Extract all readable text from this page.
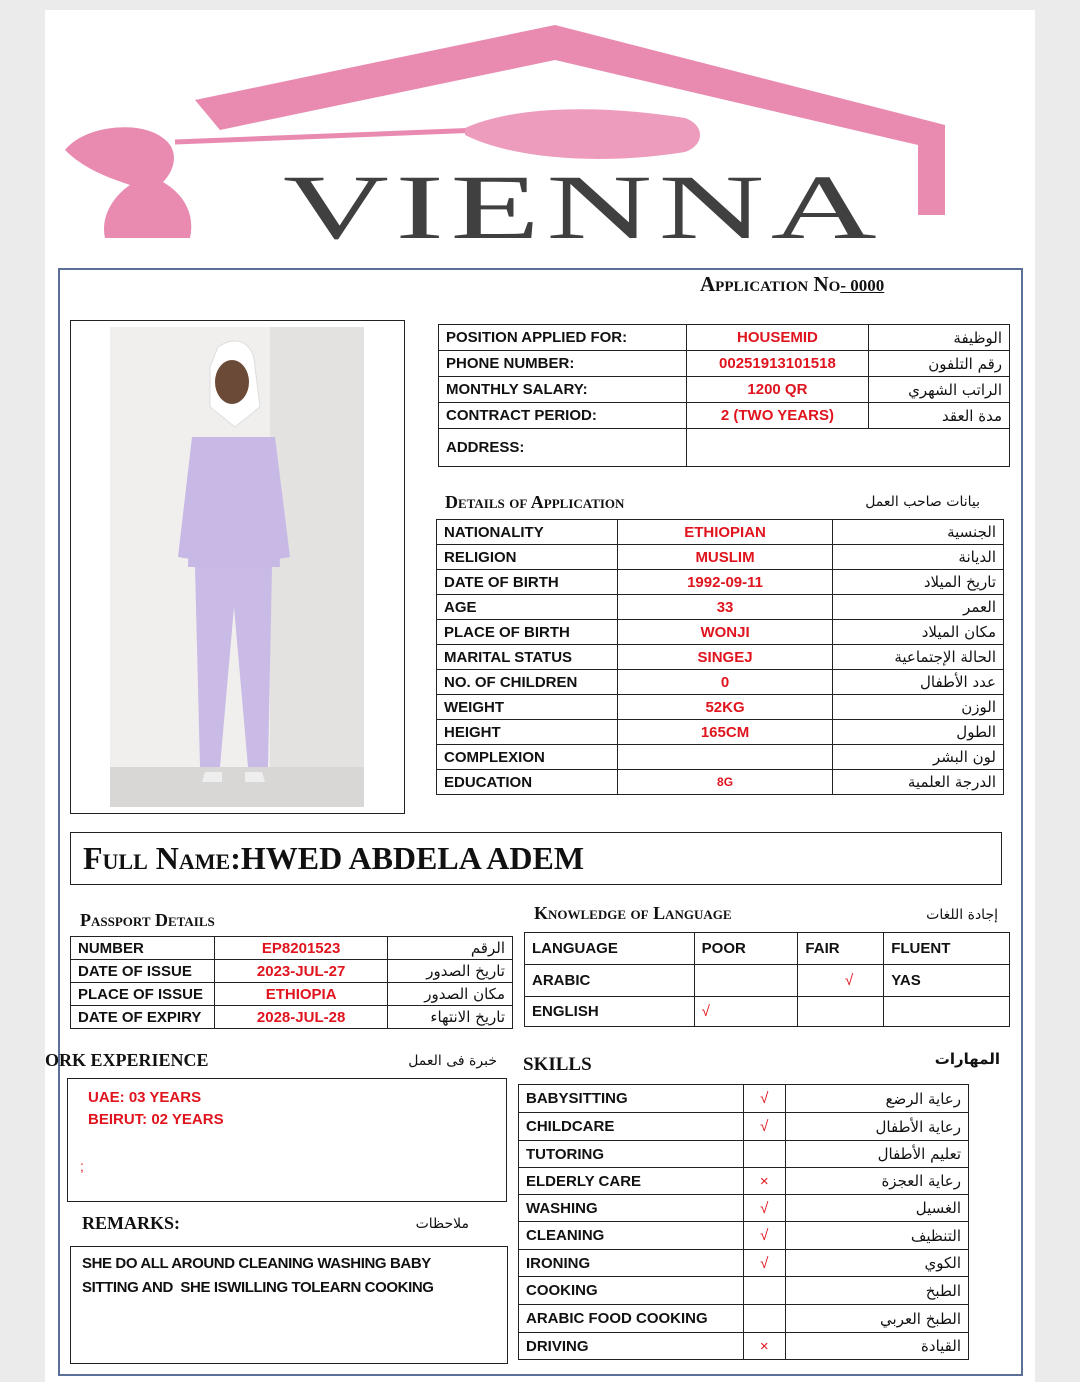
VIENNA
Application No- 0000
POSITION APPLIED FOR:	HOUSEMID	الوظيفة
PHONE NUMBER:	00251913101518	رقم التلفون
MONTHLY SALARY:	1200 QR	الراتب الشهري
CONTRACT PERIOD:	2 (TWO YEARS)	مدة العقد
ADDRESS:		
Details of Application	بيانات صاحب العمل
NATIONALITY	ETHIOPIAN	الجنسية
RELIGION	MUSLIM	الديانة
DATE OF BIRTH	1992-09-11	تاريخ الميلاد
AGE	33	العمر
PLACE OF BIRTH	WONJI	مكان الميلاد
MARITAL STATUS	SINGEJ	الحالة الإجتماعية
NO. OF CHILDREN	0	عدد الأطفال
WEIGHT	52KG	الوزن
HEIGHT	165CM	الطول
COMPLEXION		لون البشر
EDUCATION	8G	الدرجة العلمية
Full Name:HWED ABDELA ADEM
Passport Details
NUMBER	EP8201523	الرقم
DATE OF ISSUE	2023-JUL-27	تاريخ الصدور
PLACE OF ISSUE	ETHIOPIA	مكان الصدور
DATE OF EXPIRY	2028-JUL-28	تاريخ الانتهاء
Knowledge of Language	إجادة اللغات
LANGUAGE	POOR	FAIR	FLUENT
ARABIC		√	YAS
ENGLISH	√		
ORK EXPERIENCE	خبرة فى العمل
UAE: 03 YEARS
BEIRUT: 02 YEARS
;
REMARKS:	ملاحظات
SHE DO ALL AROUND CLEANING WASHING BABY
SITTING AND  SHE ISWILLING TOLEARN COOKING
SKILLS	المهارات
BABYSITTING	√	رعاية الرضع
CHILDCARE	√	رعاية الأطفال
TUTORING		تعليم الأطفال
ELDERLY CARE	×	رعاية العجزة
WASHING	√	الغسيل
CLEANING	√	التنظيف
IRONING	√	الكوي
COOKING		الطبخ
ARABIC FOOD COOKING		الطبخ العربي
DRIVING	×	القيادة
